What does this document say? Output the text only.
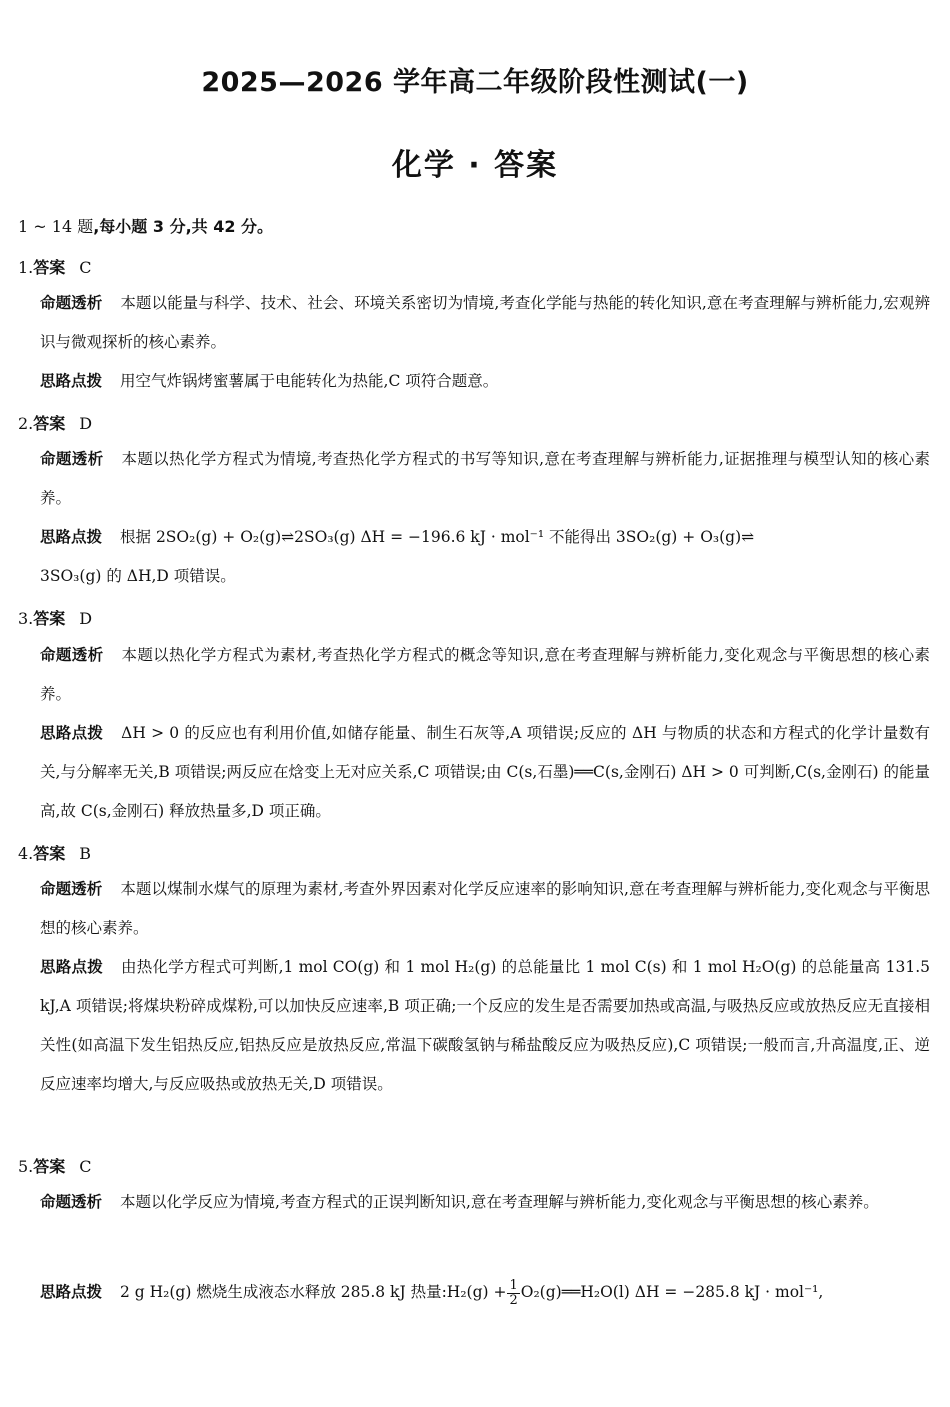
2025—2026 学年高二年级阶段性测试(一)
化学 · 答案
1 ~ 14 题,每小题 3 分,共 42 分。
1.答案 C
命题透析 本题以能量与科学、技术、社会、环境关系密切为情境,考查化学能与热能的转化知识,意在考查理解与辨析能力,宏观辨识与微观探析的核心素养。
思路点拨 用空气炸锅烤蜜薯属于电能转化为热能,C 项符合题意。
2.答案 D
命题透析 本题以热化学方程式为情境,考查热化学方程式的书写等知识,意在考查理解与辨析能力,证据推理与模型认知的核心素养。
思路点拨 根据 2SO₂(g) + O₂(g)⇌2SO₃(g) ΔH = −196.6 kJ · mol⁻¹ 不能得出 3SO₂(g) + O₃(g)⇌
3SO₃(g) 的 ΔH,D 项错误。
3.答案 D
命题透析 本题以热化学方程式为素材,考查热化学方程式的概念等知识,意在考查理解与辨析能力,变化观念与平衡思想的核心素养。
思路点拨 ΔH > 0 的反应也有利用价值,如储存能量、制生石灰等,A 项错误;反应的 ΔH 与物质的状态和方程式的化学计量数有关,与分解率无关,B 项错误;两反应在焓变上无对应关系,C 项错误;由 C(s,石墨)══C(s,金刚石) ΔH > 0 可判断,C(s,金刚石) 的能量高,故 C(s,金刚石) 释放热量多,D 项正确。
4.答案 B
命题透析 本题以煤制水煤气的原理为素材,考查外界因素对化学反应速率的影响知识,意在考查理解与辨析能力,变化观念与平衡思想的核心素养。
思路点拨 由热化学方程式可判断,1 mol CO(g) 和 1 mol H₂(g) 的总能量比 1 mol C(s) 和 1 mol H₂O(g) 的总能量高 131.5 kJ,A 项错误;将煤块粉碎成煤粉,可以加快反应速率,B 项正确;一个反应的发生是否需要加热或高温,与吸热反应或放热反应无直接相关性(如高温下发生铝热反应,铝热反应是放热反应,常温下碳酸氢钠与稀盐酸反应为吸热反应),C 项错误;一般而言,升高温度,正、逆反应速率均增大,与反应吸热或放热无关,D 项错误。
5.答案 C
命题透析 本题以化学反应为情境,考查方程式的正误判断知识,意在考查理解与辨析能力,变化观念与平衡思想的核心素养。
思路点拨 2 g H₂(g) 燃烧生成液态水释放 285.8 kJ 热量:H₂(g) + $\frac{1}{2}$ O₂(g)══H₂O(l) ΔH = −285.8 kJ · mol⁻¹,
